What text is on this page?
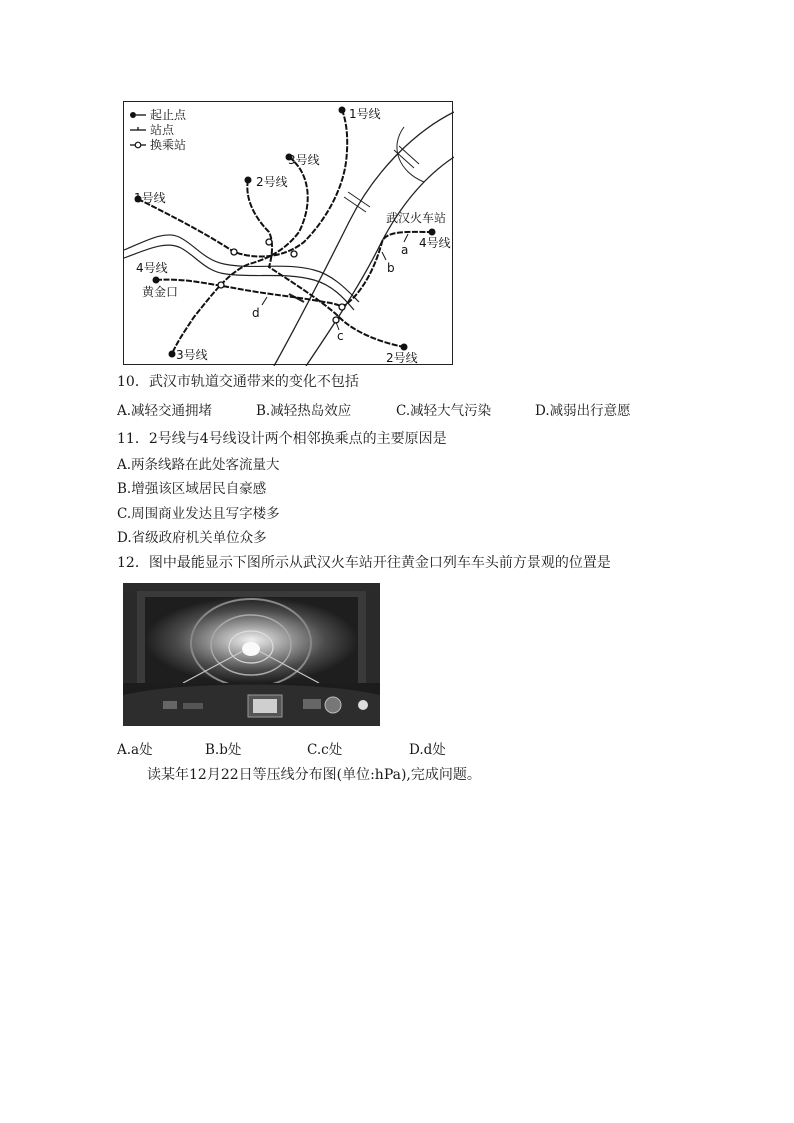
起止点
站点
换乘站
1号线
3号线
2号线
1号线
4号线
4号线
3号线	2号线
武汉火车站
黄金口
a
b
c
d
10．武汉市轨道交通带来的变化不包括
A.减轻交通拥堵	B.减轻热岛效应	C.减轻大气污染	D.减弱出行意愿
11．2号线与4号线设计两个相邻换乘点的主要原因是
A.两条线路在此处客流量大
B.增强该区域居民自豪感
C.周围商业发达且写字楼多
D.省级政府机关单位众多
12．图中最能显示下图所示从武汉火车站开往黄金口列车车头前方景观的位置是
A.a处	B.b处	C.c处	D.d处
读某年12月22日等压线分布图(单位:hPa),完成问题。
